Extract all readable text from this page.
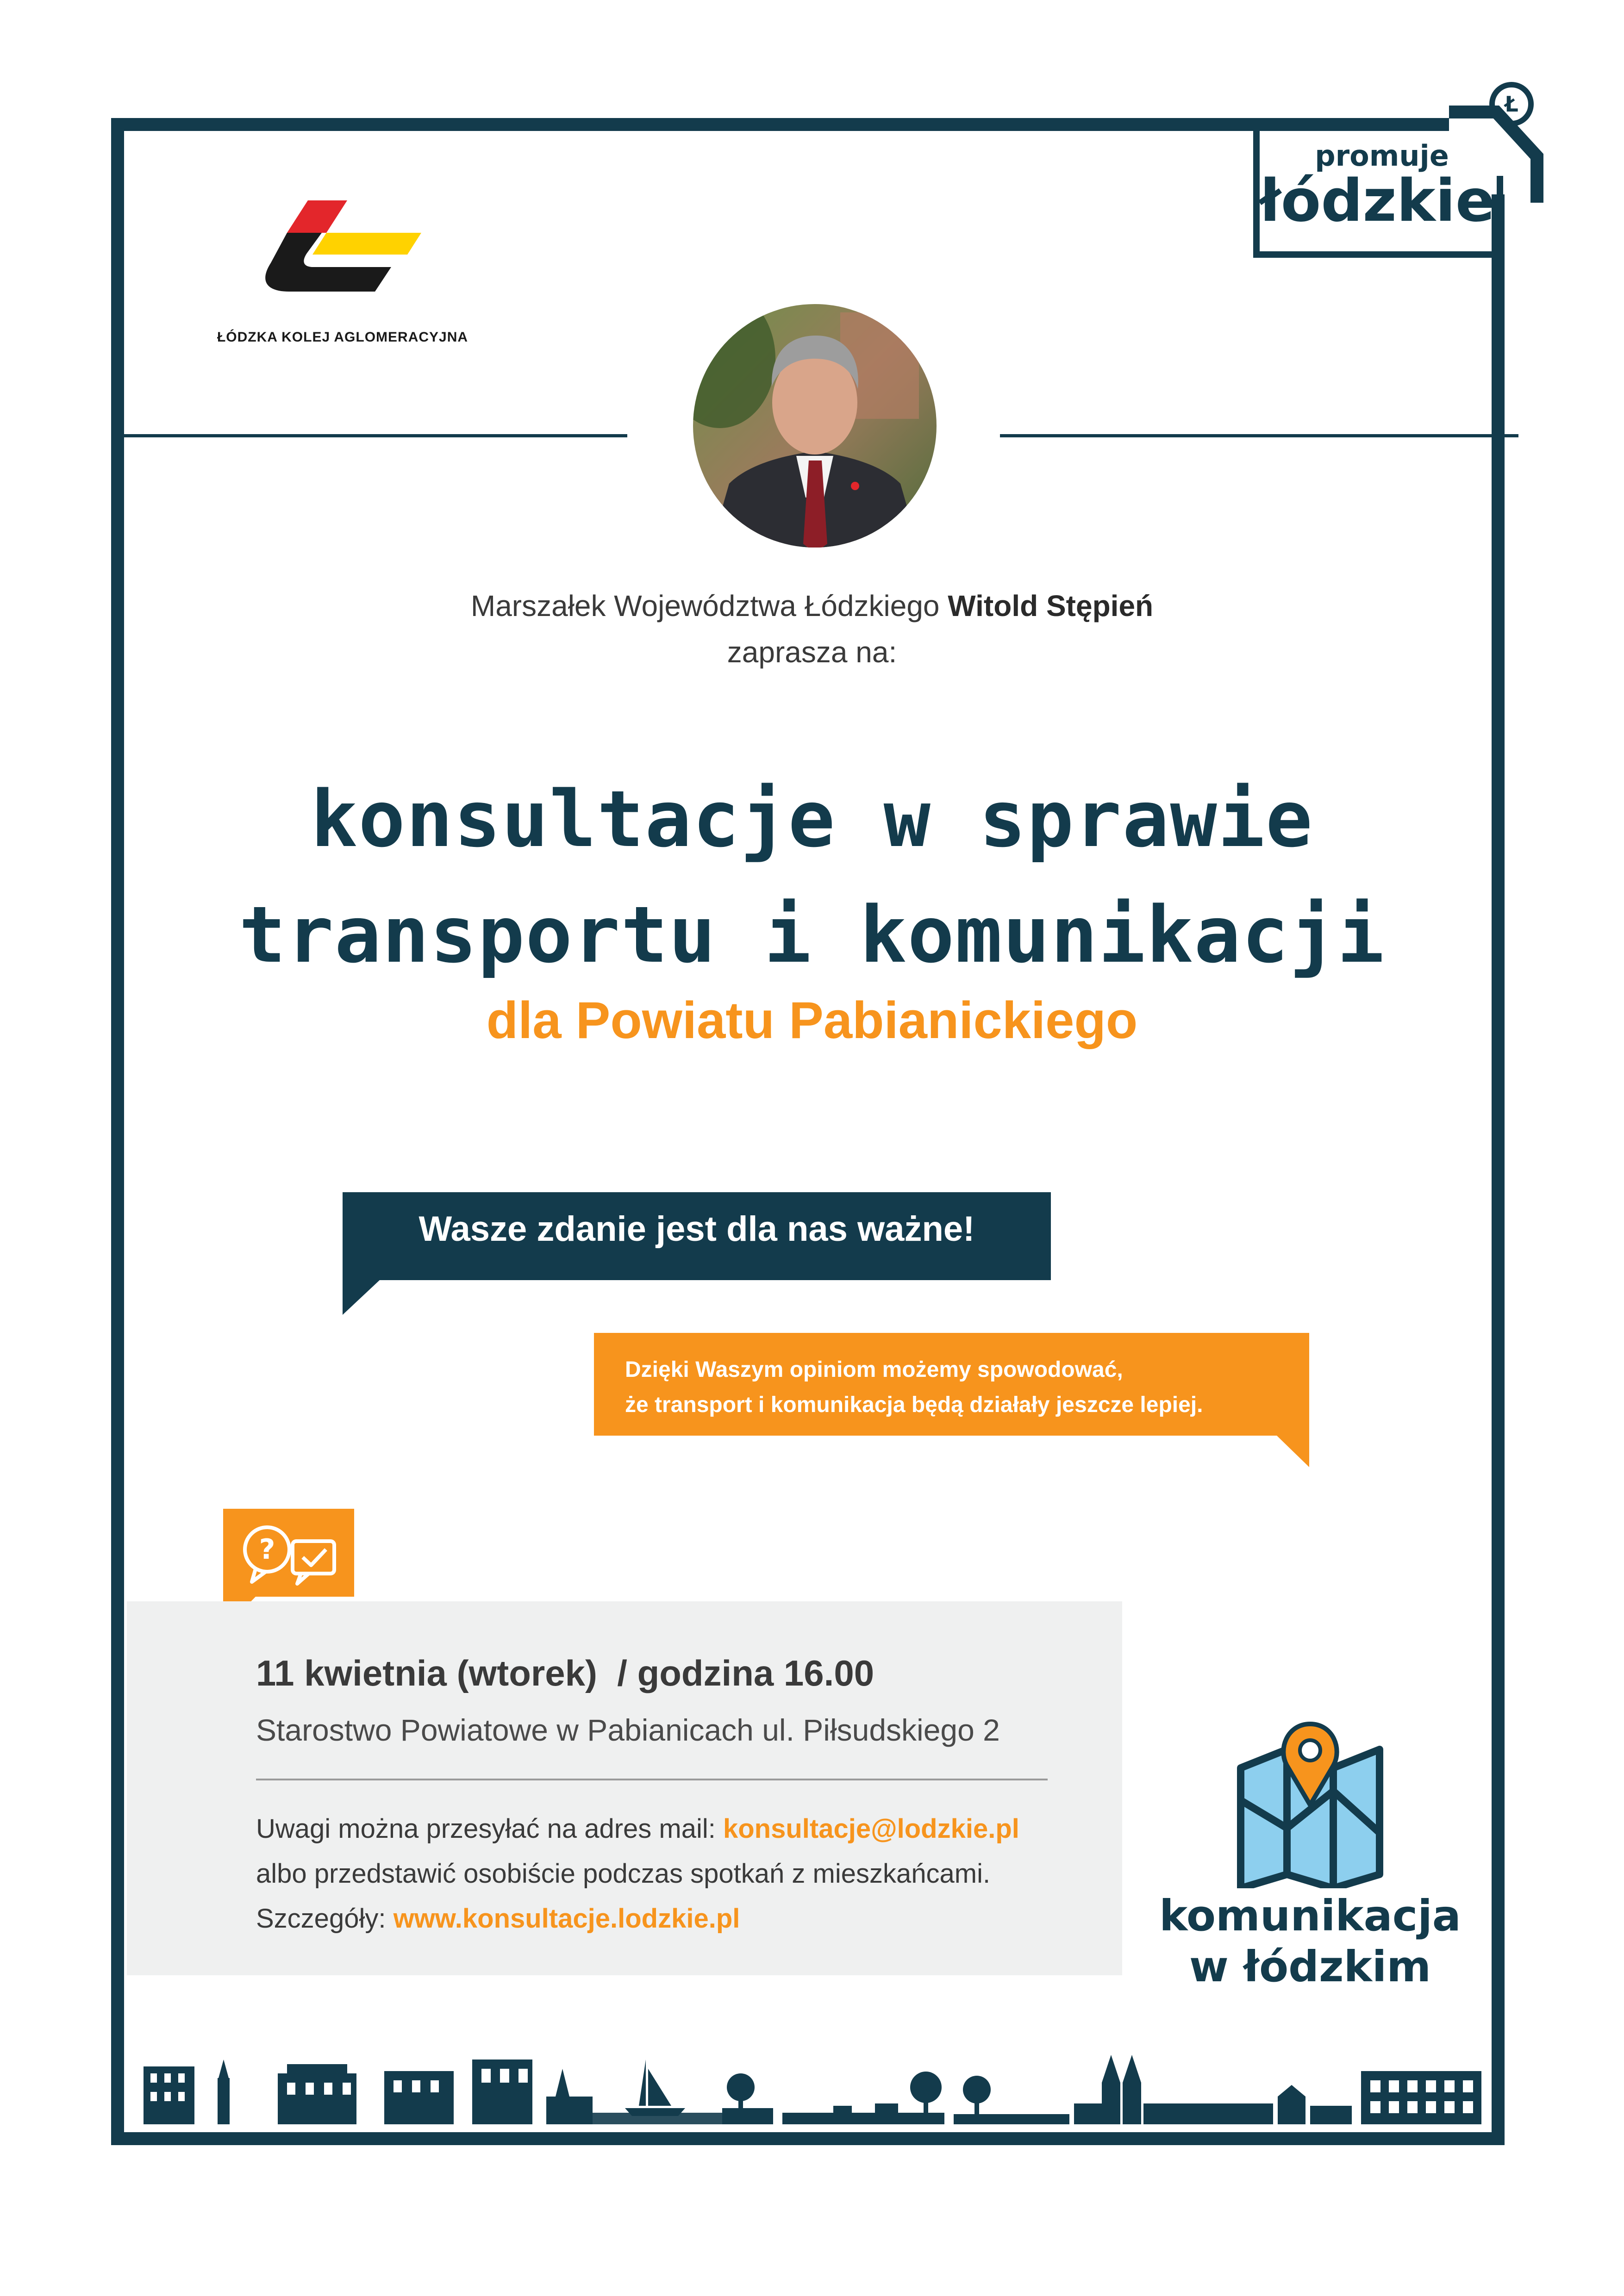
Ł
promuje
łódzkie
ŁÓDZKA KOLEJ AGLOMERACYJNA
Marszałek Województwa Łódzkiego Witold Stępień
zaprasza na:
konsultacje w sprawie
transportu i komunikacji
dla Powiatu Pabianickiego
Wasze zdanie jest dla nas ważne!
Dzięki Waszym opiniom możemy spowodować,
że transport i komunikacja będą działały jeszcze lepiej.
?
11 kwietnia (wtorek)  / godzina 16.00
Starostwo Powiatowe w Pabianicach ul. Piłsudskiego 2
Uwagi można przesyłać na adres mail: konsultacje@lodzkie.pl
albo przedstawić osobiście podczas spotkań z mieszkańcami.
Szczegóły: www.konsultacje.lodzkie.pl	komunikacja
w łódzkim
